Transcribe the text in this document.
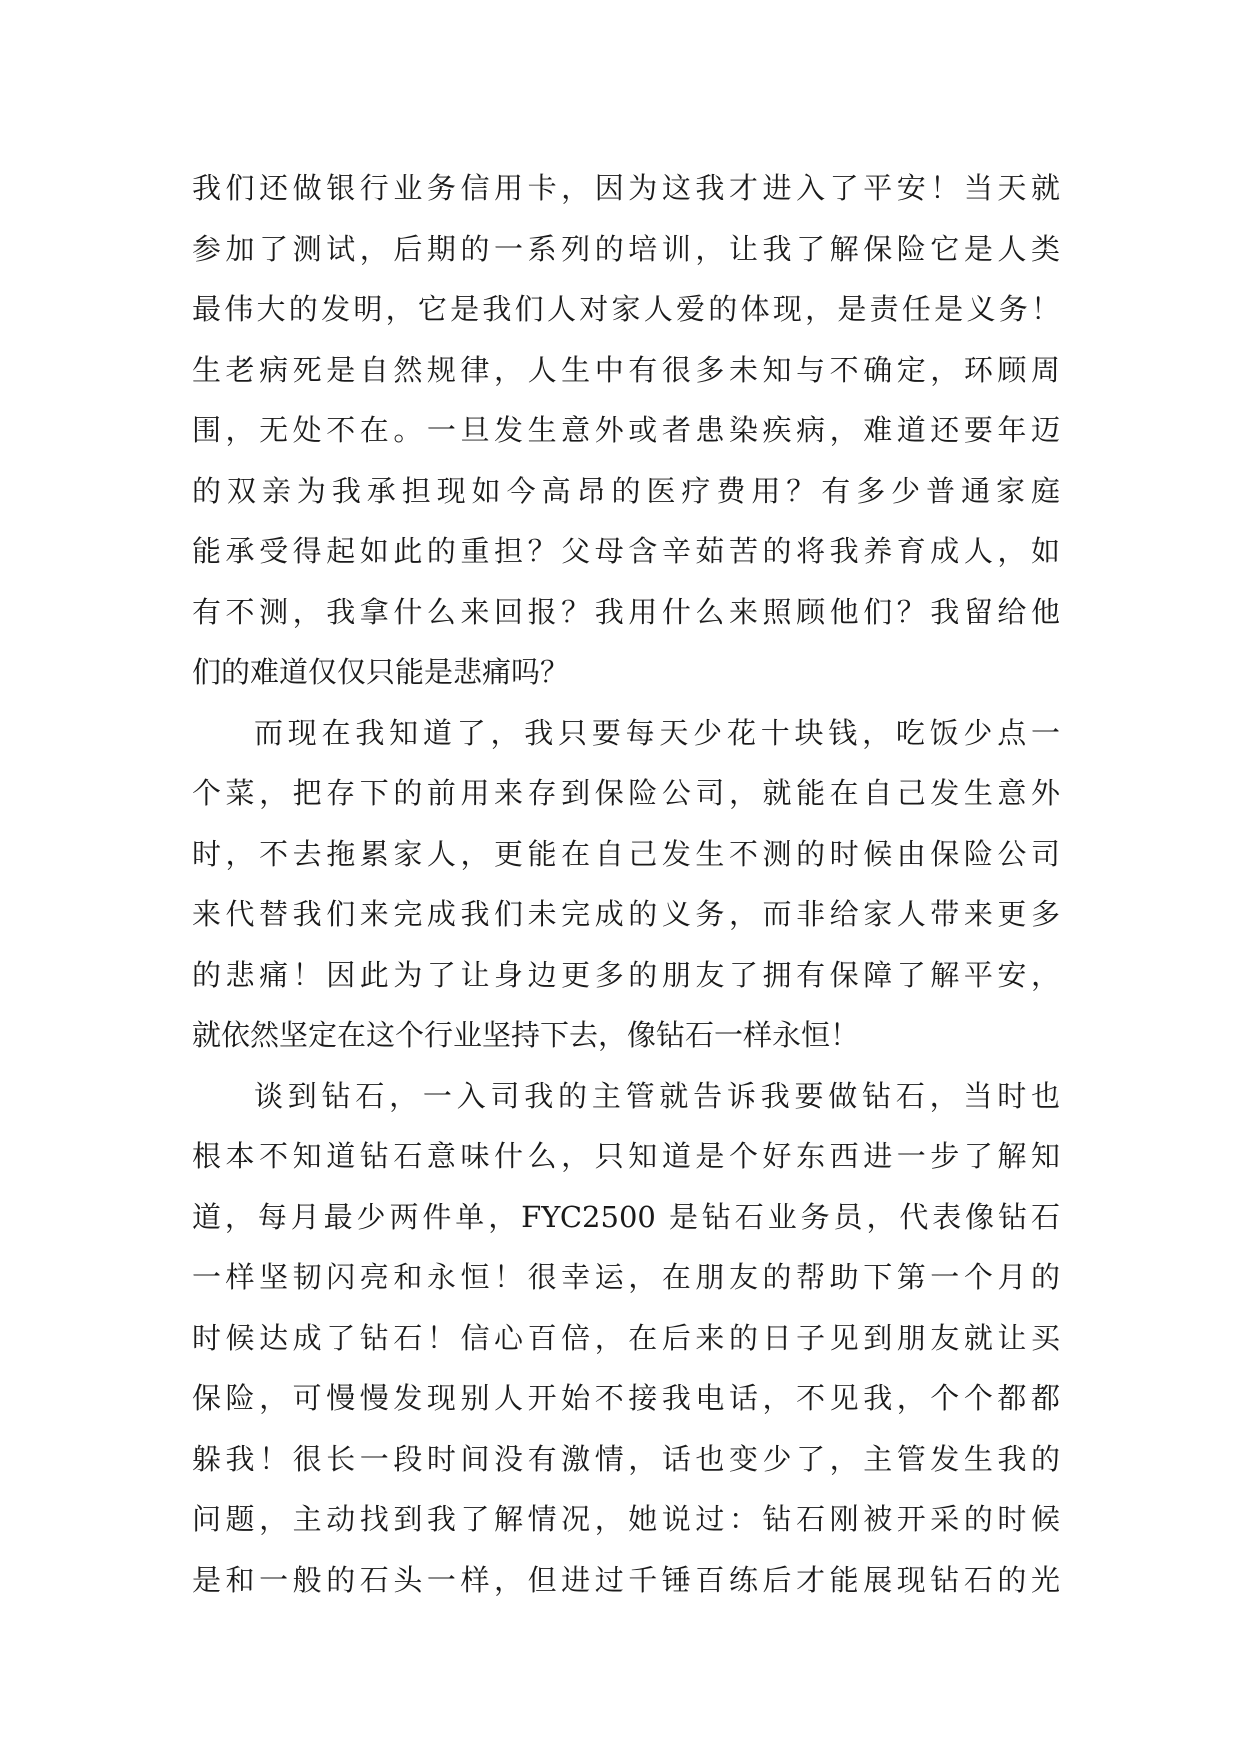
我们还做银行业务信用卡，因为这我才进入了平安！当天就
参加了测试，后期的一系列的培训，让我了解保险它是人类
最伟大的发明，它是我们人对家人爱的体现，是责任是义务！
生老病死是自然规律，人生中有很多未知与不确定，环顾周
围，无处不在。一旦发生意外或者患染疾病，难道还要年迈
的双亲为我承担现如今高昂的医疗费用？有多少普通家庭
能承受得起如此的重担？父母含辛茹苦的将我养育成人，如
有不测，我拿什么来回报？我用什么来照顾他们？我留给他
们的难道仅仅只能是悲痛吗？
而现在我知道了，我只要每天少花十块钱，吃饭少点一
个菜，把存下的前用来存到保险公司，就能在自己发生意外
时，不去拖累家人，更能在自己发生不测的时候由保险公司
来代替我们来完成我们未完成的义务，而非给家人带来更多
的悲痛！因此为了让身边更多的朋友了拥有保障了解平安，
就依然坚定在这个行业坚持下去，像钻石一样永恒！
谈到钻石，一入司我的主管就告诉我要做钻石，当时也
根本不知道钻石意味什么，只知道是个好东西进一步了解知
道，每月最少两件单，FYC2500 是钻石业务员，代表像钻石
一样坚韧闪亮和永恒！很幸运，在朋友的帮助下第一个月的
时候达成了钻石！信心百倍，在后来的日子见到朋友就让买
保险，可慢慢发现别人开始不接我电话，不见我，个个都都
躲我！很长一段时间没有激情，话也变少了，主管发生我的
问题，主动找到我了解情况，她说过：钻石刚被开采的时候
是和一般的石头一样，但进过千锤百练后才能展现钻石的光
